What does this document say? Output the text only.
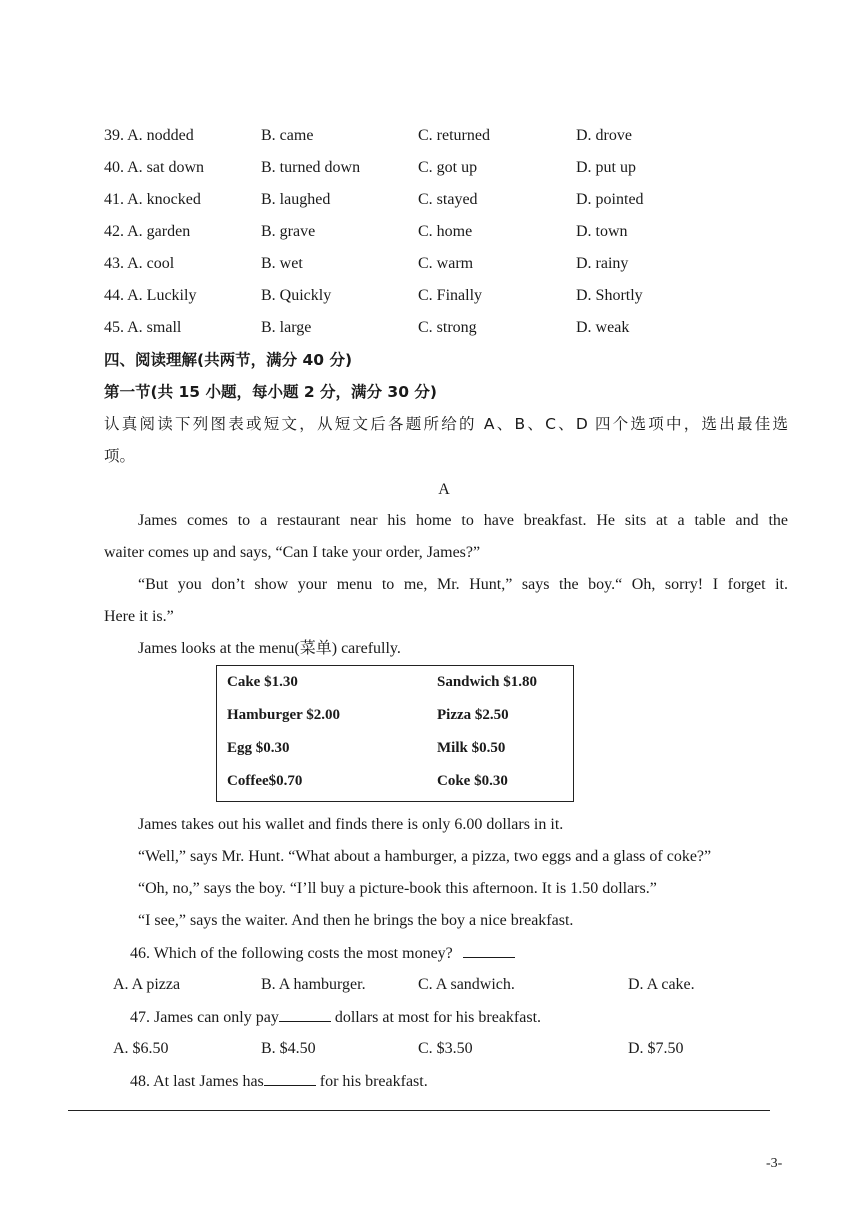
39. A. nodded	B. came	C. returned	D. drove
40. A. sat down	B. turned down	C. got up	D. put up
41. A. knocked	B. laughed	C. stayed	D. pointed
42. A. garden	B. grave	C. home	D. town
43. A. cool	B. wet	C. warm	D. rainy
44. A. Luckily	B. Quickly	C. Finally	D. Shortly
45. A. small	B. large	C. strong	D. weak
四、阅读理解(共两节，满分 40 分)
第一节(共 15 小题，每小题 2 分，满分 30 分)
认真阅读下列图表或短文，从短文后各题所给的 A、B、C、D 四个选项中，选出最佳选
项。
A
James comes to a restaurant near his home to have breakfast. He sits at a table and the
waiter comes up and says, “Can I take your order, James?”
“But you don’t show your menu to me, Mr. Hunt,” says the boy.“ Oh, sorry! I forget it.
Here it is.”
James looks at the menu(菜单) carefully.
Cake $1.30	Sandwich $1.80
Hamburger $2.00	Pizza $2.50
Egg $0.30	Milk $0.50
Coffee$0.70	Coke $0.30
James takes out his wallet and finds there is only 6.00 dollars in it.
“Well,” says Mr. Hunt. “What about a hamburger, a pizza, two eggs and a glass of coke?”
“Oh, no,” says the boy. “I’ll buy a picture-book this afternoon. It is 1.50 dollars.”
“I see,” says the waiter. And then he brings the boy a nice breakfast.
46. Which of the following costs the most money?
A. A pizza	B. A hamburger.	C. A sandwich.	D. A cake.
47. James can only pay	dollars at most for his breakfast.
A. $6.50	B. $4.50	C. $3.50	D. $7.50
48. At last James has	for his breakfast.
-3-
